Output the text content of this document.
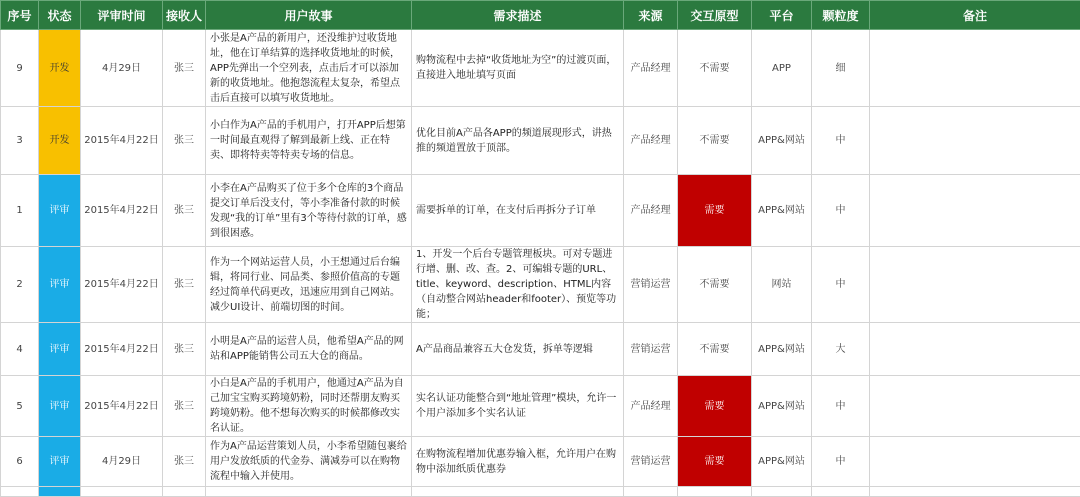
序号	状态	评审时间	接收人	用户故事	需求描述	来源	交互原型	平台	颗粒度	备注
9	开发	4月29日	张三	小张是A产品的新用户，还没维护过收货地址，他在订单结算的选择收货地址的时候，APP先弹出一个空列表，点击后才可以添加新的收货地址。他抱怨流程太复杂，希望点击后直接可以填写收货地址。	购物流程中去掉“收货地址为空”的过渡页面，直接进入地址填写页面	产品经理	不需要	APP	细	
3	开发	2015年4月22日	张三	小白作为A产品的手机用户，打开APP后想第一时间最直观得了解到最新上线、正在特卖、即将特卖等特卖专场的信息。	优化目前A产品各APP的频道展现形式，讲热推的频道置放于顶部。	产品经理	不需要	APP&网站	中	
1	评审	2015年4月22日	张三	小李在A产品购买了位于多个仓库的3个商品提交订单后没支付，等小李准备付款的时候发现“我的订单”里有3个等待付款的订单，感到很困惑。	需要拆单的订单，在支付后再拆分子订单	产品经理	需要	APP&网站	中	
2	评审	2015年4月22日	张三	作为一个网站运营人员，小王想通过后台编辑，将同行业、同品类、参照价值高的专题经过简单代码更改，迅速应用到自己网站。减少UI设计、前端切图的时间。	1、开发一个后台专题管理板块。可对专题进行增、删、改、查。2、可编辑专题的URL、title、keyword、description、HTML内容（自动整合网站header和footer）、预览等功能；	营销运营	不需要	网站	中	
4	评审	2015年4月22日	张三	小明是A产品的运营人员，他希望A产品的网站和APP能销售公司五大仓的商品。	A产品商品兼容五大仓发货，拆单等逻辑	营销运营	不需要	APP&网站	大	
5	评审	2015年4月22日	张三	小白是A产品的手机用户，他通过A产品为自己加宝宝购买跨境奶粉，同时还帮朋友购买跨境奶粉。他不想每次购买的时候都修改实名认证。	实名认证功能整合到“地址管理”模块，允许一个用户添加多个实名认证	产品经理	需要	APP&网站	中	
6	评审	4月29日	张三	作为A产品运营策划人员，小李希望随包裹给用户发放纸质的代金券、满减券可以在购物流程中输入并使用。	在购物流程增加优惠券输入框，允许用户在购物中添加纸质优惠券	营销运营	需要	APP&网站	中	
